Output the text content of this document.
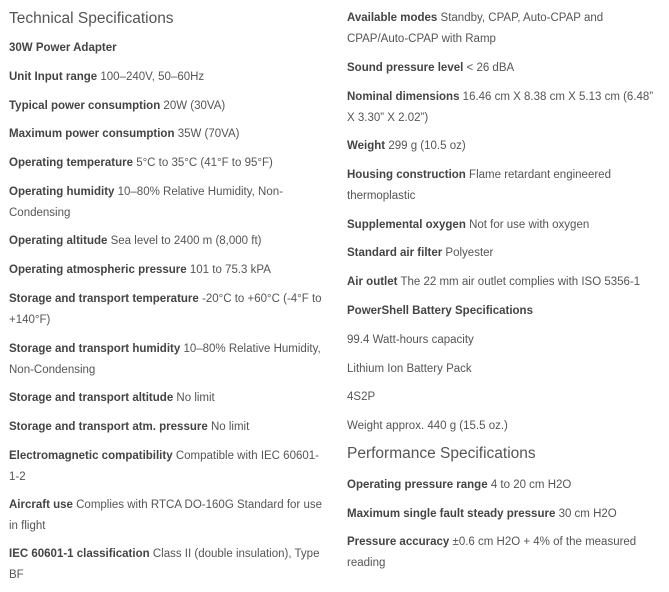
Technical Specifications

30W Power Adapter

Unit Input range 100–240V, 50–60Hz

Typical power consumption 20W (30VA)

Maximum power consumption 35W (70VA)

Operating temperature 5°C to 35°C (41°F to 95°F)

Operating humidity 10–80% Relative Humidity, Non-Condensing

Operating altitude Sea level to 2400 m (8,000 ft)

Operating atmospheric pressure 101 to 75.3 kPA

Storage and transport temperature -20°C to +60°C (-4°F to +140°F)

Storage and transport humidity 10–80% Relative Humidity, Non-Condensing

Storage and transport altitude No limit

Storage and transport atm. pressure No limit

Electromagnetic compatibility Compatible with IEC 60601-1-2

Aircraft use Complies with RTCA DO-160G Standard for use in flight

IEC 60601-1 classification Class II (double insulation), Type BF

Available modes Standby, CPAP, Auto-CPAP and CPAP/Auto-CPAP with Ramp

Sound pressure level < 26 dBA

Nominal dimensions 16.46 cm X 8.38 cm X 5.13 cm (6.48” X 3.30” X 2.02”)

Weight 299 g (10.5 oz)

Housing construction Flame retardant engineered thermoplastic

Supplemental oxygen Not for use with oxygen

Standard air filter Polyester

Air outlet The 22 mm air outlet complies with ISO 5356-1

PowerShell Battery Specifications

99.4 Watt-hours capacity

Lithium Ion Battery Pack

4S2P

Weight approx. 440 g (15.5 oz.)

Performance Specifications

Operating pressure range 4 to 20 cm H2O

Maximum single fault steady pressure 30 cm H2O

Pressure accuracy ±0.6 cm H2O + 4% of the measured reading
